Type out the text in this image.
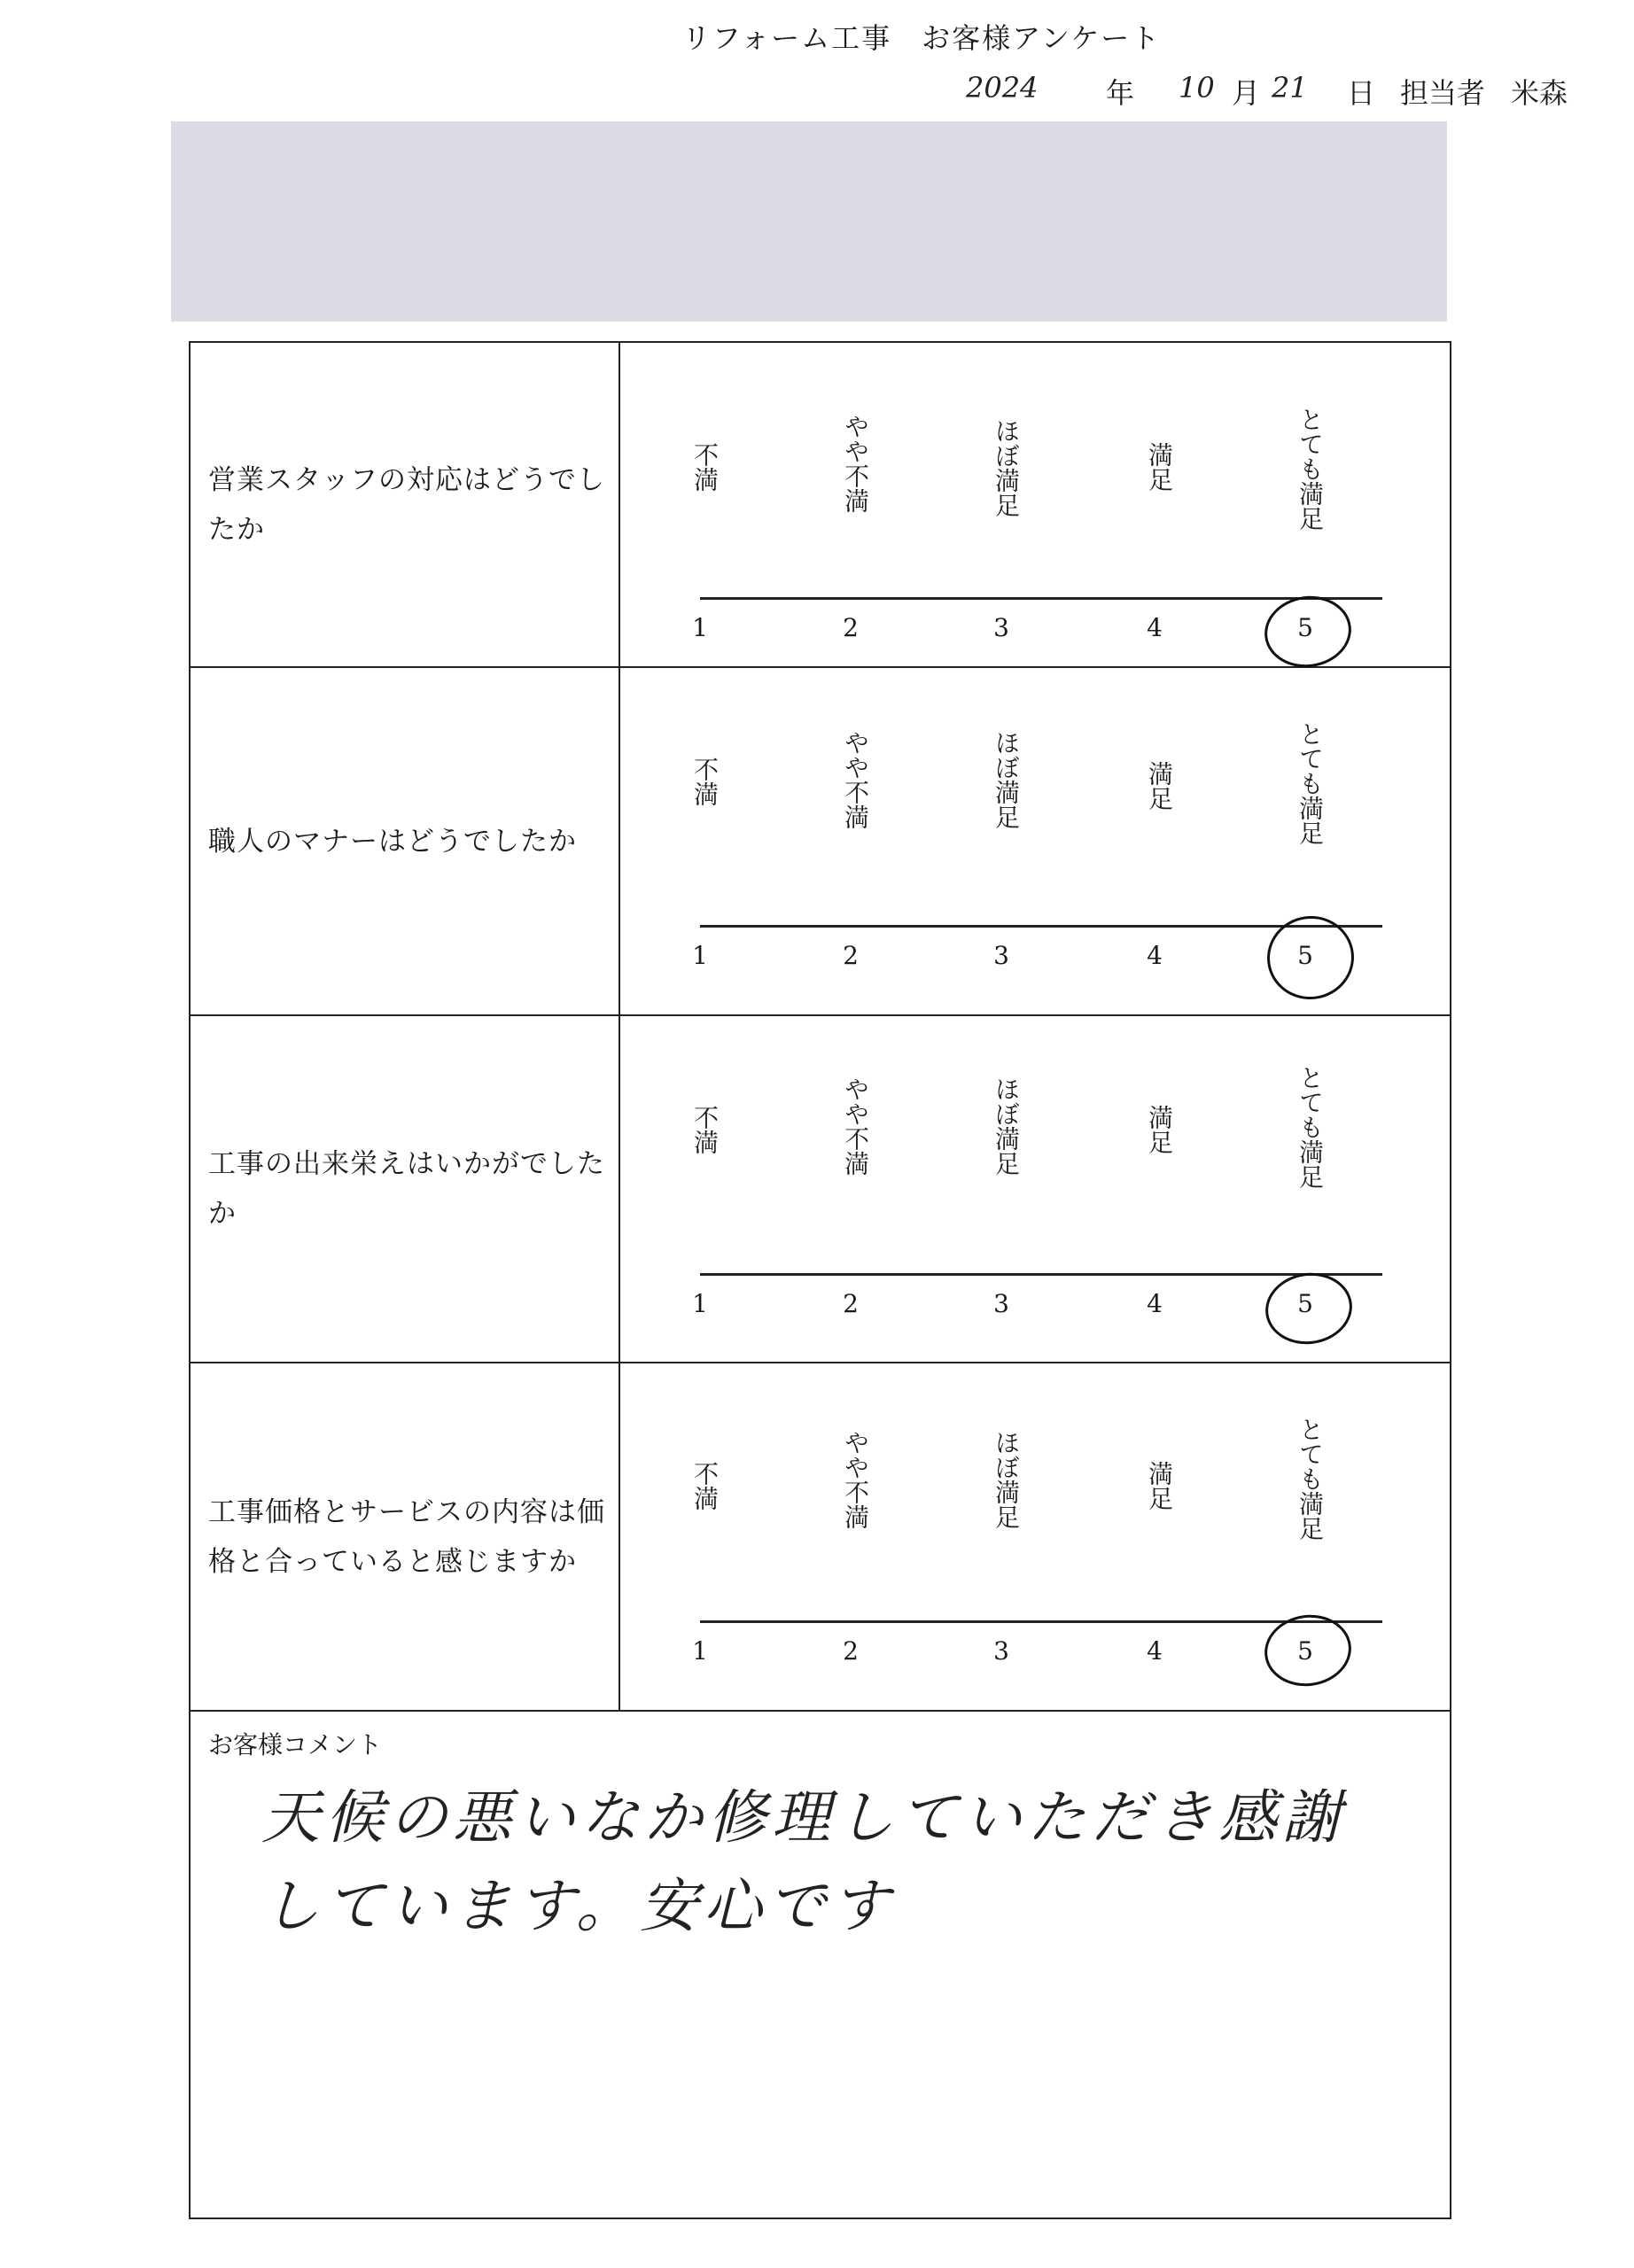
リフォーム工事　お客様アンケート
2024 年 10 月 21 日 担当者 米森
営業スタッフの対応はどうでしたか
不満	やや不満	ほぼ満足	満足	とても満足
1	2	3	4	5
職人のマナーはどうでしたか
不満	やや不満	ほぼ満足	満足	とても満足
1	2	3	4	5
工事の出来栄えはいかがでしたか
不満	やや不満	ほぼ満足	満足	とても満足
1	2	3	4	5
工事価格とサービスの内容は価格と合っていると感じますか
不満	やや不満	ほぼ満足	満足	とても満足
1	2	3	4	5
お客様コメント
天候の悪いなか修理していただき感謝
しています。安心です
